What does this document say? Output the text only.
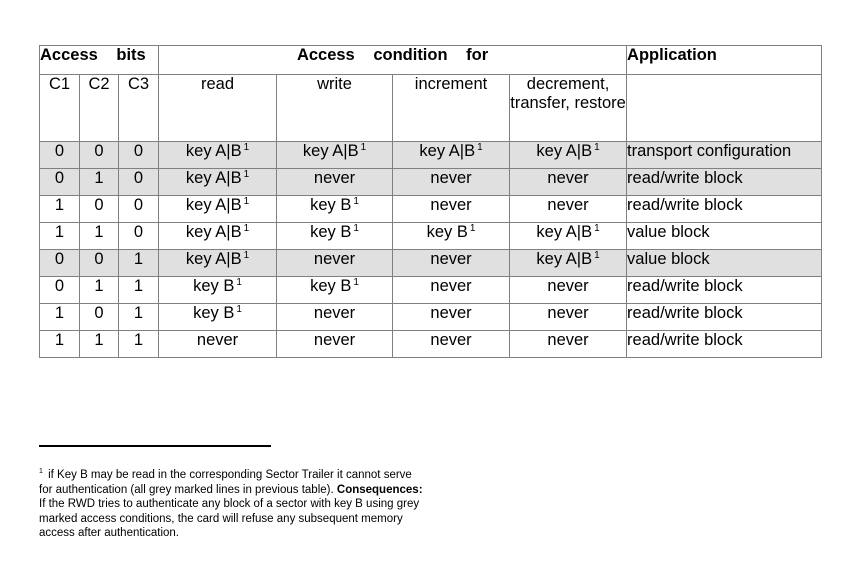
Access bits			Access condition for				Application
C1	C2	C3	read	write	increment	decrement, transfer, restore	
0	0	0	key A|B $^1$	key A|B $^1$	key A|B $^1$	key A|B $^1$	transport configuration
0	1	0	key A|B $^1$	never	never	never	read/write block
1	0	0	key A|B $^1$	key B $^1$	never	never	read/write block
1	1	0	key A|B $^1$	key B $^1$	key B $^1$	key A|B $^1$	value block
0	0	1	key A|B $^1$	never	never	key A|B $^1$	value block
0	1	1	key B $^1$	key B $^1$	never	never	read/write block
1	0	1	key B $^1$	never	never	never	read/write block
1	1	1	never	never	never	never	read/write block
$^1$ if Key B may be read in the corresponding Sector Trailer it cannot serve for authentication (all grey marked lines in previous table). Consequences: If the RWD tries to authenticate any block of a sector with key B using grey marked access conditions, the card will refuse any subsequent memory access after authentication.
